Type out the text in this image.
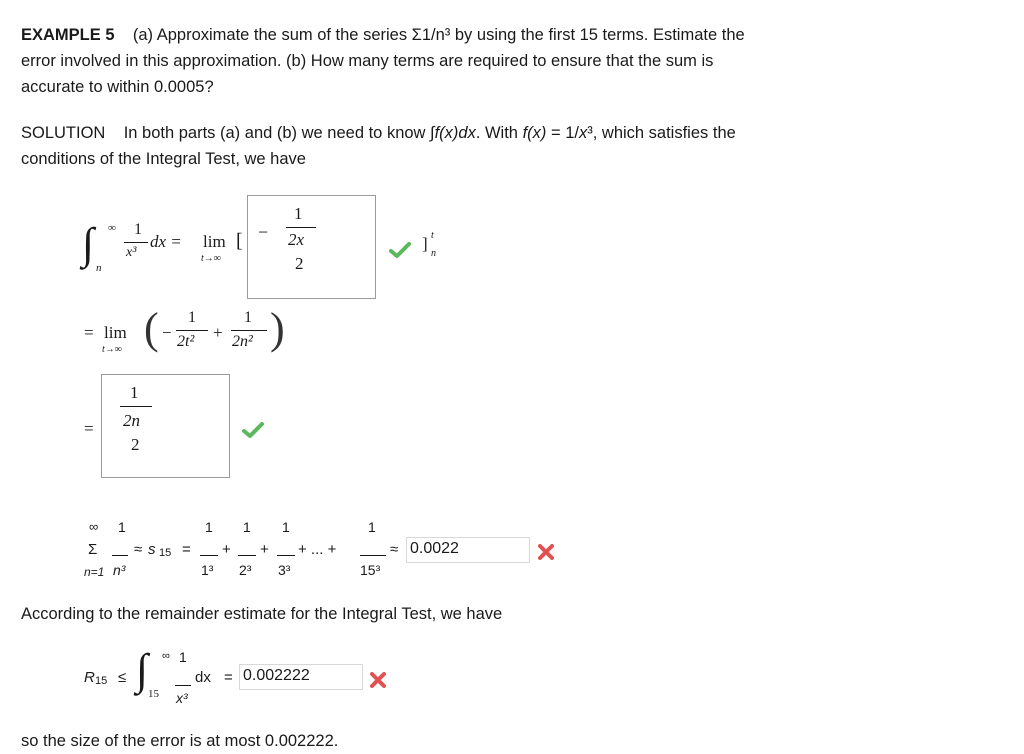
EXAMPLE 5 (a) Approximate the sum of the series Σ1/n³ by using the first 15 terms. Estimate the
error involved in this approximation. (b) How many terms are required to ensure that the sum is
accurate to within 0.0005?
SOLUTION In both parts (a) and (b) we need to know ∫f(x)dx. With f(x) = 1/x³, which satisfies the
conditions of the Integral Test, we have
∫ ∞
n
1
x³
dx = lim
t→∞
[ −
1
2x
2
] t
n
= lim
t→∞ ( −
1
2t² +
1
2n² )
=
1
2n
2
∞
Σ
n=1
1
n³
≈ s 15 =
1
1³
+
1
2³
+
1
3³
+ ... +
1
15³
≈ 0.0022
According to the remainder estimate for the Integral Test, we have
R 15 ≤ ∫ ∞
15
1
x³
dx = 0.002222
so the size of the error is at most 0.002222.
